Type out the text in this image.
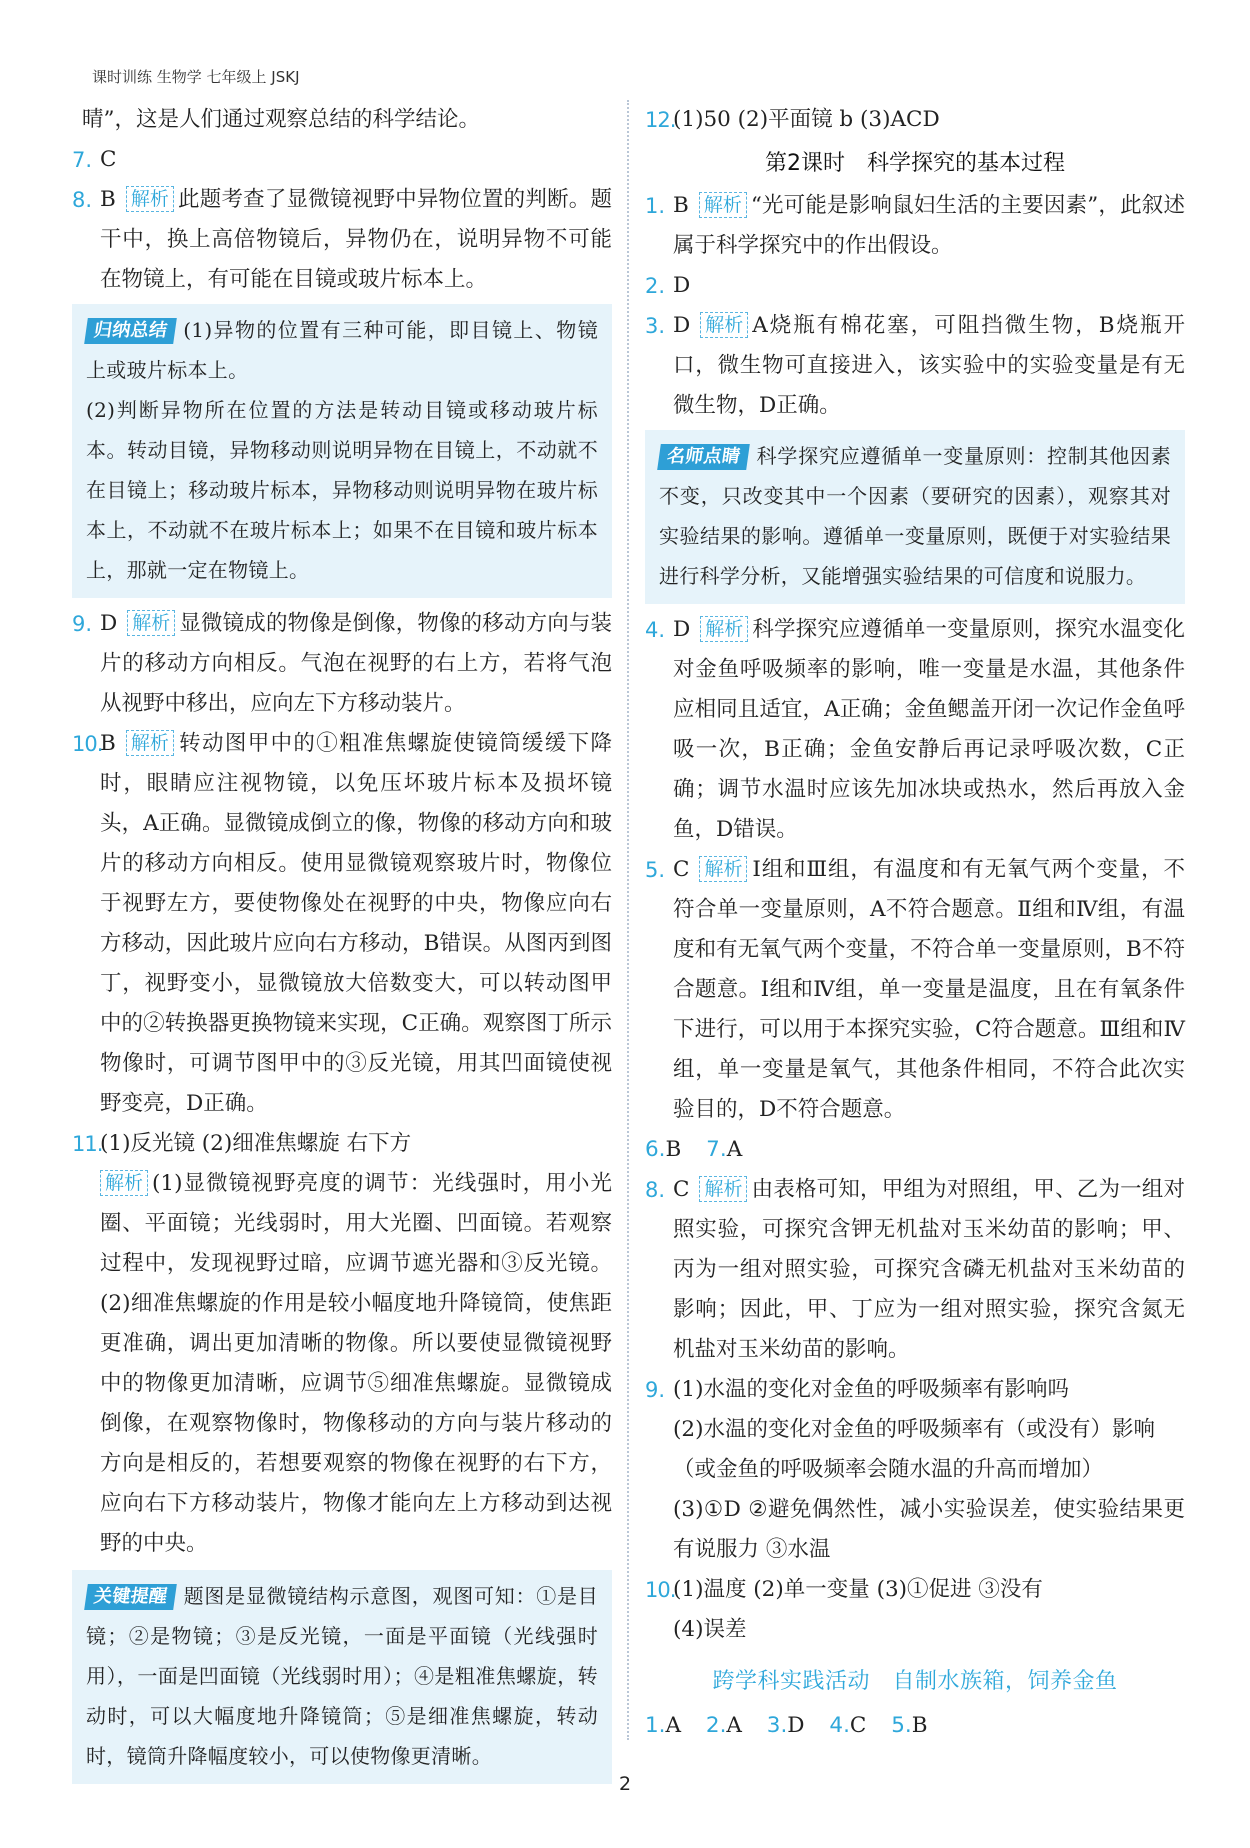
课时训练 生物学 七年级上 JSKJ
晴”，这是人们通过观察总结的科学结论。
7. C
8. B 解析 此题考查了显微镜视野中异物位置的判断。题干中，换上高倍物镜后，异物仍在，说明异物不可能在物镜上，有可能在目镜或玻片标本上。
归纳总结 (1)异物的位置有三种可能，即目镜上、物镜上或玻片标本上。
(2)判断异物所在位置的方法是转动目镜或移动玻片标本。转动目镜，异物移动则说明异物在目镜上，不动就不在目镜上；移动玻片标本，异物移动则说明异物在玻片标本上，不动就不在玻片标本上；如果不在目镜和玻片标本上，那就一定在物镜上。
9. D 解析 显微镜成的物像是倒像，物像的移动方向与装片的移动方向相反。气泡在视野的右上方，若将气泡从视野中移出，应向左下方移动装片。
10.
B 解析 转动图甲中的①粗准焦螺旋使镜筒缓缓下降时，眼睛应注视物镜，以免压坏玻片标本及损坏镜头，A正确。显微镜成倒立的像，物像的移动方向和玻片的移动方向相反。使用显微镜观察玻片时，物像位于视野左方，要使物像处在视野的中央，物像应向右方移动，因此玻片应向右方移动，B错误。从图丙到图丁，视野变小，显微镜放大倍数变大，可以转动图甲中的②转换器更换物镜来实现，C正确。观察图丁所示物像时，可调节图甲中的③反光镜，用其凹面镜使视野变亮，D正确。
11.
(1)反光镜 (2)细准焦螺旋 右下方
解析 (1)显微镜视野亮度的调节：光线强时，用小光圈、平面镜；光线弱时，用大光圈、凹面镜。若观察过程中，发现视野过暗，应调节遮光器和③反光镜。(2)细准焦螺旋的作用是较小幅度地升降镜筒，使焦距更准确，调出更加清晰的物像。所以要使显微镜视野中的物像更加清晰，应调节⑤细准焦螺旋。显微镜成倒像，在观察物像时，物像移动的方向与装片移动的方向是相反的，若想要观察的物像在视野的右下方，应向右下方移动装片，物像才能向左上方移动到达视野的中央。
关键提醒 题图是显微镜结构示意图，观图可知：①是目镜；②是物镜；③是反光镜，一面是平面镜（光线强时用），一面是凹面镜（光线弱时用）；④是粗准焦螺旋，转动时，可以大幅度地升降镜筒；⑤是细准焦螺旋，转动时，镜筒升降幅度较小，可以使物像更清晰。
12.
(1)50 (2)平面镜 b (3)ACD
第2课时　科学探究的基本过程
1. B 解析 “光可能是影响鼠妇生活的主要因素”，此叙述属于科学探究中的作出假设。
2. D
3. D 解析 A烧瓶有棉花塞，可阻挡微生物，B烧瓶开口，微生物可直接进入，该实验中的实验变量是有无微生物，D正确。
名师点睛 科学探究应遵循单一变量原则：控制其他因素不变，只改变其中一个因素（要研究的因素），观察其对实验结果的影响。遵循单一变量原则，既便于对实验结果进行科学分析，又能增强实验结果的可信度和说服力。
4. D 解析 科学探究应遵循单一变量原则，探究水温变化对金鱼呼吸频率的影响，唯一变量是水温，其他条件应相同且适宜，A正确；金鱼鳃盖开闭一次记作金鱼呼吸一次，B正确；金鱼安静后再记录呼吸次数，C正确；调节水温时应该先加冰块或热水，然后再放入金鱼，D错误。
5. C 解析 Ⅰ组和Ⅲ组，有温度和有无氧气两个变量，不符合单一变量原则，A不符合题意。Ⅱ组和Ⅳ组，有温度和有无氧气两个变量，不符合单一变量原则，B不符合题意。Ⅰ组和Ⅳ组，单一变量是温度，且在有氧条件下进行，可以用于本探究实验，C符合题意。Ⅲ组和Ⅳ组，单一变量是氧气，其他条件相同，不符合此次实验目的，D不符合题意。
6.B 7.A
8. C 解析 由表格可知，甲组为对照组，甲、乙为一组对照实验，可探究含钾无机盐对玉米幼苗的影响；甲、丙为一组对照实验，可探究含磷无机盐对玉米幼苗的影响；因此，甲、丁应为一组对照实验，探究含氮无机盐对玉米幼苗的影响。
9. (1)水温的变化对金鱼的呼吸频率有影响吗
(2)水温的变化对金鱼的呼吸频率有（或没有）影响
（或金鱼的呼吸频率会随水温的升高而增加）
(3)①D ②避免偶然性，减小实验误差，使实验结果更有说服力 ③水温
10.
(1)温度 (2)单一变量 (3)①促进 ③没有
(4)误差
跨学科实践活动　自制水族箱，饲养金鱼
1.A 2.A 3.D 4.C 5.B
2
